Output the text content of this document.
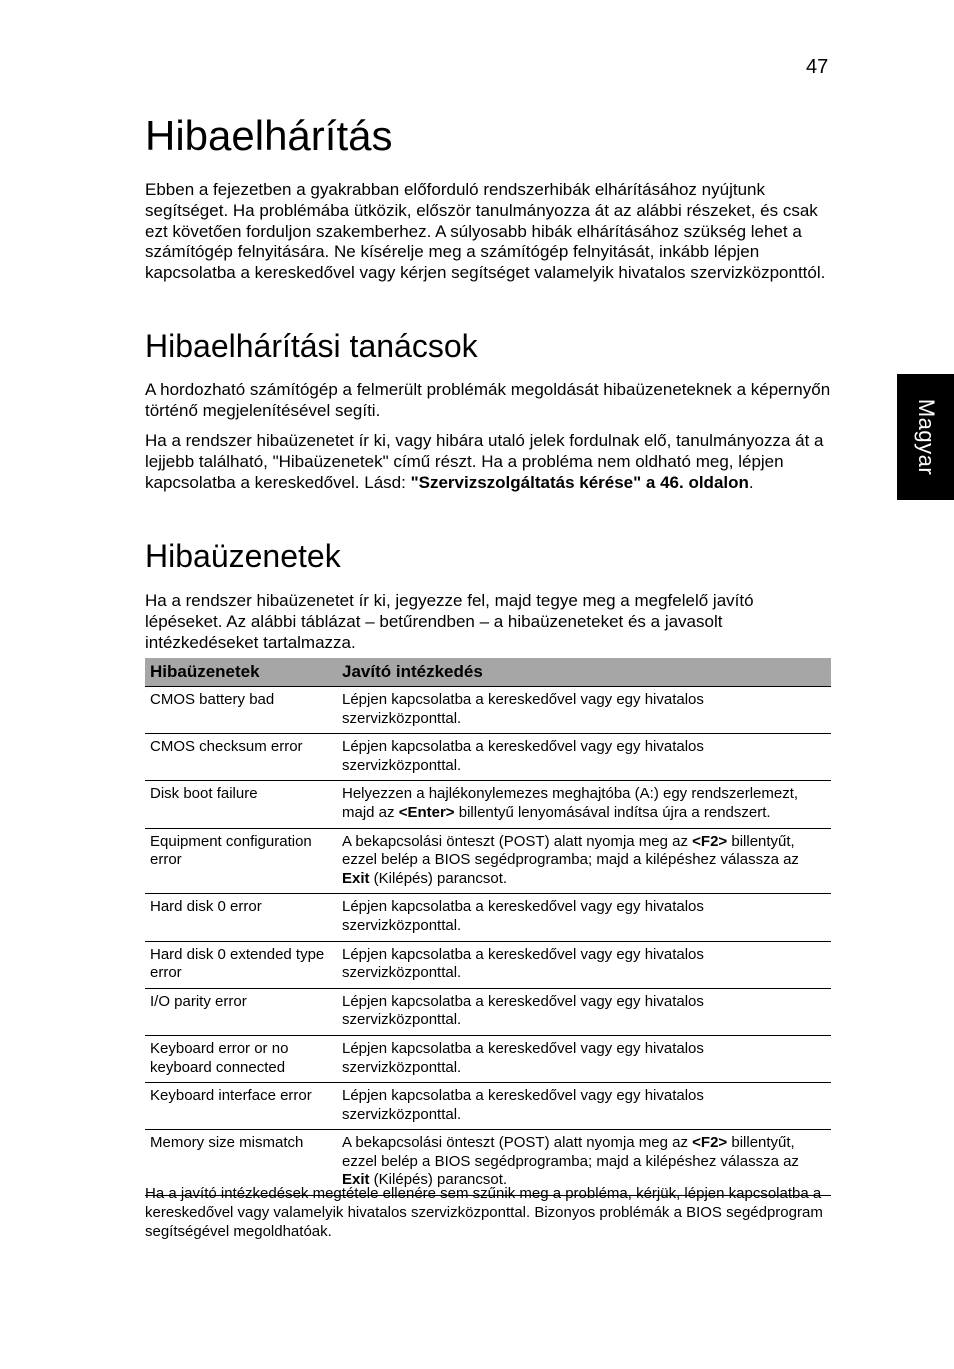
47
Magyar
Hibaelhárítás

Ebben a fejezetben a gyakrabban előforduló rendszerhibák elhárításához nyújtunk segítséget. Ha problémába ütközik, először tanulmányozza át az alábbi részeket, és csak ezt követően forduljon szakemberhez. A súlyosabb hibák elhárításához szükség lehet a számítógép felnyitására. Ne kísérelje meg a számítógép felnyitását, inkább lépjen kapcsolatba a kereskedővel vagy kérjen segítséget valamelyik hivatalos szervizközponttól.

Hibaelhárítási tanácsok

A hordozható számítógép a felmerült problémák megoldását hibaüzeneteknek a képernyőn történő megjelenítésével segíti.

Ha a rendszer hibaüzenetet ír ki, vagy hibára utaló jelek fordulnak elő, tanulmányozza át a lejjebb található, "Hibaüzenetek" című részt. Ha a probléma nem oldható meg, lépjen kapcsolatba a kereskedővel. Lásd: "Szervizszolgáltatás kérése" a 46. oldalon.

Hibaüzenetek

Ha a rendszer hibaüzenetet ír ki, jegyezze fel, majd tegye meg a megfelelő javító lépéseket. Az alábbi táblázat – betűrendben – a hibaüzeneteket és a javasolt intézkedéseket tartalmazza.

Hibaüzenetek	Javító intézkedés
CMOS battery bad	Lépjen kapcsolatba a kereskedővel vagy egy hivatalos szervizközponttal.
CMOS checksum error	Lépjen kapcsolatba a kereskedővel vagy egy hivatalos szervizközponttal.
Disk boot failure	Helyezzen a hajlékonylemezes meghajtóba (A:) egy rendszerlemezt, majd az <Enter> billentyű lenyomásával indítsa újra a rendszert.
Equipment configuration error	A bekapcsolási önteszt (POST) alatt nyomja meg az <F2> billentyűt, ezzel belép a BIOS segédprogramba; majd a kilépéshez válassza az Exit (Kilépés) parancsot.
Hard disk 0 error	Lépjen kapcsolatba a kereskedővel vagy egy hivatalos szervizközponttal.
Hard disk 0 extended type error	Lépjen kapcsolatba a kereskedővel vagy egy hivatalos szervizközponttal.
I/O parity error	Lépjen kapcsolatba a kereskedővel vagy egy hivatalos szervizközponttal.
Keyboard error or no keyboard connected	Lépjen kapcsolatba a kereskedővel vagy egy hivatalos szervizközponttal.
Keyboard interface error	Lépjen kapcsolatba a kereskedővel vagy egy hivatalos szervizközponttal.
Memory size mismatch	A bekapcsolási önteszt (POST) alatt nyomja meg az <F2> billentyűt, ezzel belép a BIOS segédprogramba; majd a kilépéshez válassza az Exit (Kilépés) parancsot.

Ha a javító intézkedések megtétele ellenére sem szűnik meg a probléma, kérjük, lépjen kapcsolatba a kereskedővel vagy valamelyik hivatalos szervizközponttal. Bizonyos problémák a BIOS segédprogram segítségével megoldhatóak.
